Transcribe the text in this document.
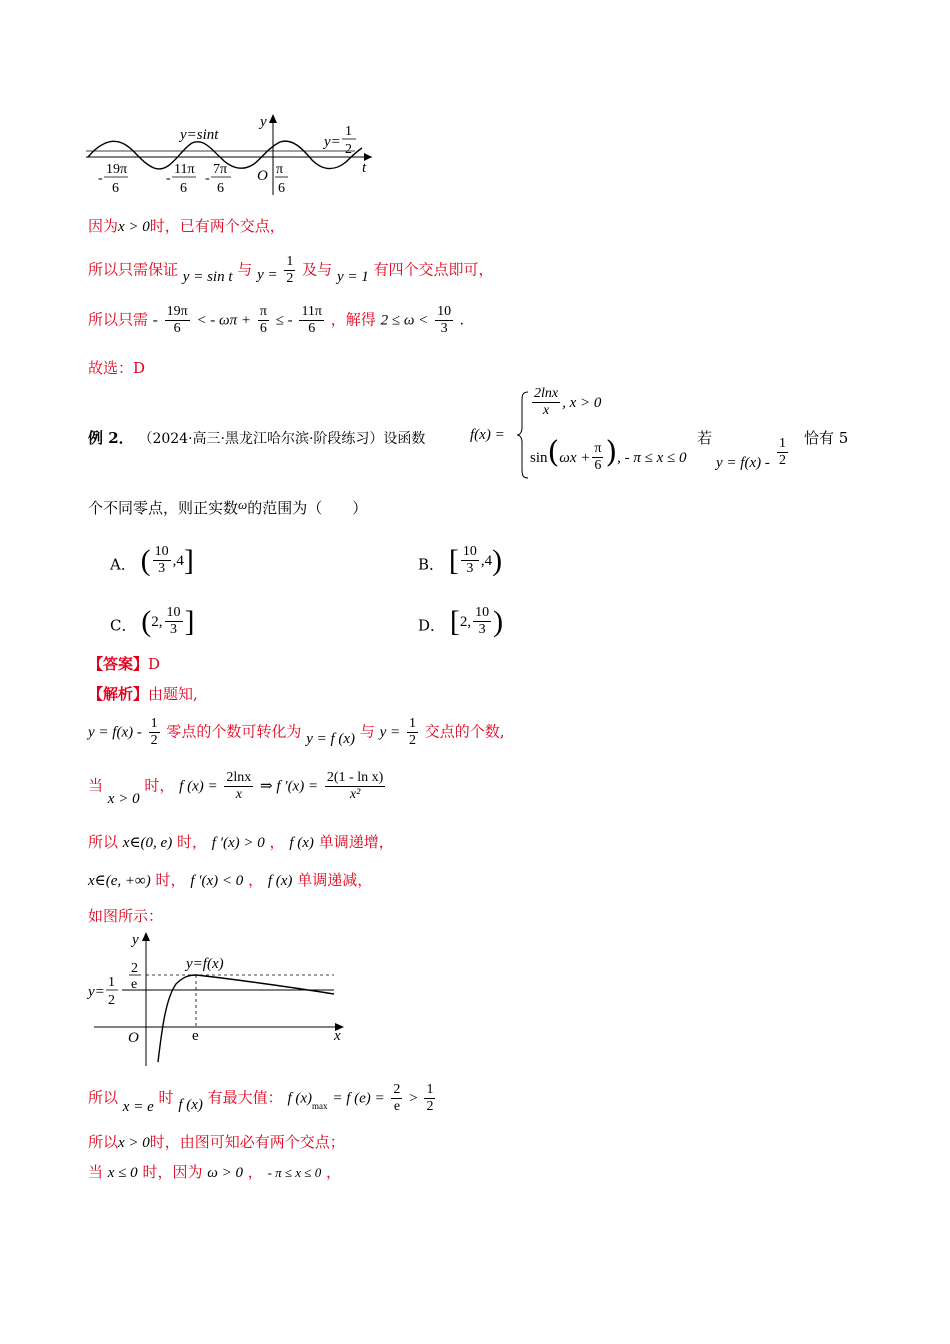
y
t
y=sint	y=
1
2
O
-
19π
6
-
11π
6
-
7π
6
π
6
因为x > 0时，已有两个交点，
所以只需保证 y = sin t 与 $y = \frac{1}{2}$ 及与 y = 1 有四个交点即可，
所以只需 - $\frac{19\pi}{6}$ < - $\omega\pi + \frac{\pi}{6}$ ≤ - $\frac{11\pi}{6}$ ，解得 $2 \le \omega < \frac{10}{3}$ .
故选：D
例 2． （2024·高三·黑龙江哈尔滨·阶段练习）设函数	f(x) =
$\frac{2\ln x}{x}$ , x > 0
$\sin(\omega x + \frac{\pi}{6}$ ), - π ≤ x ≤ 0
若
$y = f(x) - \frac{1}{2}$ 恰有 5
个不同零点，则正实数ω的范围为（　　）
A． ( $\frac{10}{3}$ , 4 ]	B． [ $\frac{10}{3}$ , 4 )
C． ( 2 , $\frac{10}{3}$ ]	D． [ 2 , $\frac{10}{3}$ )
【答案】D
【解析】由题知,
$y = f(x) - \frac{1}{2}$ 零点的个数可转化为 y = f (x) 与 $y = \frac{1}{2}$ 交点的个数,
当 x > 0 时， f $(x) = \frac{2\ln x}{x}$ ⇒ f $'(x) = \frac{\text{2(1 - ln x)}}{\text{x²}}$
所以 x∈(0, e) 时， f ′(x) > 0 ， f (x) 单调递增，
x∈(e, +∞) 时， f ′(x) < 0 ， f (x) 单调递减，
如图所示：
y
x
O
y=f(x)
2
e
y=
1
2
e
所以 x = e 时 f (x) 有最大值： f $(x)_{max} = f$ $(e) = \frac{2}{e} > \frac{1}{2}$
所以x > 0时，由图可知必有两个交点；
当 x ≤ 0 时，因为 ω > 0 ， - π ≤ x ≤ 0 ，
